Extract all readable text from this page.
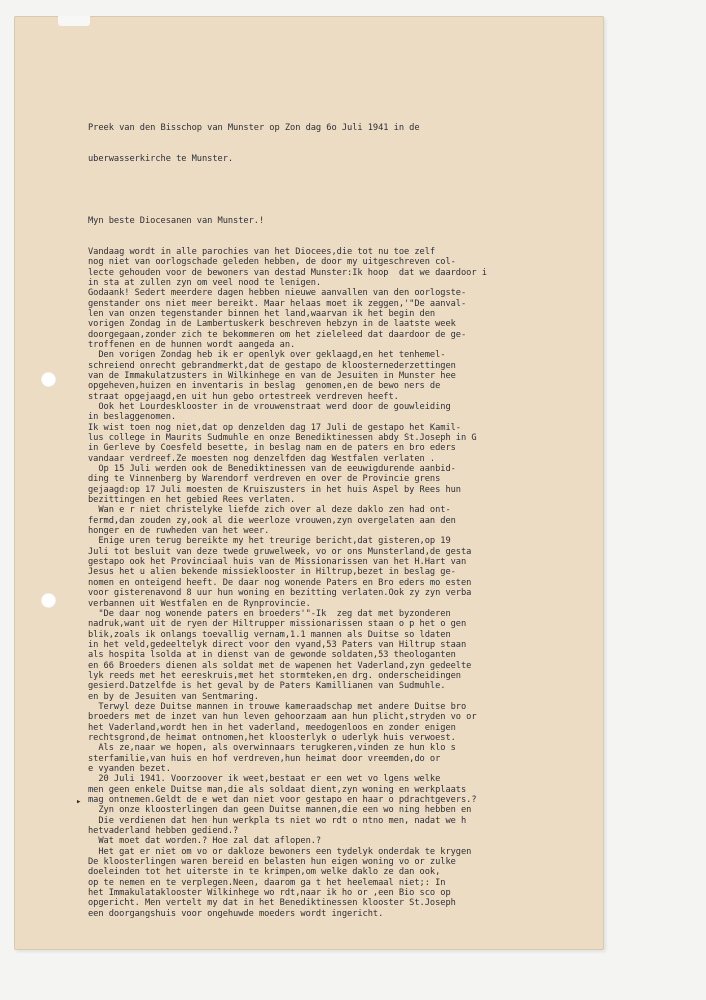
Preek van den Bisschop van Munster op Zon dag 6o Juli 1941 in de

uberwasserkirche te Munster.

Myn beste Diocesanen van Munster.!

Vandaag wordt in alle parochies van het Diocees,die tot nu toe zelf
nog niet van oorlogschade geleden hebben, de door my uitgeschreven col-
lecte gehouden voor de bewoners van destad Munster:Ik hoop  dat we daardoor i
in sta at zullen zyn om veel nood te lenigen.
Godaank! Sedert meerdere dagen hebben nieuwe aanvallen van den oorlogste-
genstander ons niet meer bereikt. Maar helaas moet ik zeggen,'"De aanval-
len van onzen tegenstander binnen het land,waarvan ik het begin den
vorigen Zondag in de Lambertuskerk beschreven hebzyn in de laatste week
doorgegaan,zonder zich te bekommeren om het zieleleed dat daardoor de ge-
troffenen en de hunnen wordt aangeda an.
Den vorigen Zondag heb ik er openlyk over geklaagd,en het tenhemel-
schreiend onrecht gebrandmerkt,dat de gestapo de kloosternederzettingen
van de Immakulatzusters in Wilkinhege en van de Jesuiten in Munster hee
opgeheven,huizen en inventaris in beslag  genomen,en de bewo ners de
straat opgejaagd,en uit hun gebo ortestreek verdreven heeft.
Ook het Lourdesklooster in de vrouwenstraat werd door de gouwleiding
in beslaggenomen.
Ik wist toen nog niet,dat op denzelden dag 17 Juli de gestapo het Kamil-
lus college in Maurits Sudmuhle en onze Benediktinessen abdy St.Joseph in G
in Gerleve by Coesfeld besette, in beslag nam en de paters en bro eders
vandaar verdreef.Ze moesten nog denzelfden dag Westfalen verlaten .
Op 15 Juli werden ook de Benediktinessen van de eeuwigdurende aanbid-
ding te Vinnenberg by Warendorf verdreven en over de Provincie grens
gejaagd:op 17 Juli moesten de Kruiszusters in het huis Aspel by Rees hun
bezittingen en het gebied Rees verlaten.
Wan e r niet christelyke liefde zich over al deze daklo zen had ont-
fermd,dan zouden zy,ook al die weerloze vrouwen,zyn overgelaten aan den
honger en de ruwheden van het weer.
Enige uren terug bereikte my het treurige bericht,dat gisteren,op 19
Juli tot besluit van deze twede gruwelweek, vo or ons Munsterland,de gesta
gestapo ook het Provinciaal huis van de Missionarissen van het H.Hart van
Jesus het u alien bekende missieklooster in Hiltrup,bezet in beslag ge-
nomen en onteigend heeft. De daar nog wonende Paters en Bro eders mo esten
voor gisterenavond 8 uur hun woning en bezitting verlaten.Ook zy zyn verba
verbannen uit Westfalen en de Rynprovincie.
"De daar nog wonende paters en broeders'"-Ik  zeg dat met byzonderen
nadruk,want uit de ryen der Hiltrupper missionarissen staan o p het o gen
blik,zoals ik onlangs toevallig vernam,1.1 mannen als Duitse so ldaten
in het veld,gedeeltelyk direct voor den vyand,53 Paters van Hiltrup staan
als hospita lsolda at in dienst van de gewonde soldaten,53 theologanten
en 66 Broeders dienen als soldat met de wapenen het Vaderland,zyn gedeelte
lyk reeds met het eereskruis,met het stormteken,en drg. onderscheidingen
gesierd.Datzelfde is het geval by de Paters Kamillianen van Sudmuhle.
en by de Jesuiten van Sentmaring.
Terwyl deze Duitse mannen in trouwe kameraadschap met andere Duitse bro
broeders met de inzet van hun leven gehoorzaam aan hun plicht,stryden vo or
het Vaderland,wordt hen in het vaderland, meedogenloos en zonder enigen
rechtsgrond,de heimat ontnomen,het kloosterlyk o uderlyk huis verwoest.
Als ze,naar we hopen, als overwinnaars terugkeren,vinden ze hun klo s
sterfamilie,van huis en hof verdreven,hun heimat door vreemden,do or
e vyanden bezet.
20 Juli 1941. Voorzoover ik weet,bestaat er een wet vo lgens welke
men geen enkele Duitse man,die als soldaat dient,zyn woning en werkplaats
mag ontnemen.Geldt de e wet dan niet voor gestapo en haar o pdrachtgevers.?
Zyn onze kloosterlingen dan geen Duitse mannen,die een wo ning hebben en
Die verdienen dat hen hun werkpla ts niet wo rdt o ntno men, nadat we h
hetvaderland hebben gediend.?
Wat moet dat worden.? Hoe zal dat aflopen.?
Het gat er niet om vo or dakloze bewoners een tydelyk onderdak te krygen
De kloosterlingen waren bereid en belasten hun eigen woning vo or zulke
doeleinden tot het uiterste in te krimpen,om welke daklo ze dan ook,
op te nemen en te verplegen.Neen, daarom ga t het heelemaal niet;: In
het Immakulataklooster Wilkinhege wo rdt,naar ik ho or ,een Bio sco op
opgericht. Men vertelt my dat in het Benediktinessen klooster St.Joseph
een doorgangshuis voor ongehuwde moeders wordt ingericht.

▸
